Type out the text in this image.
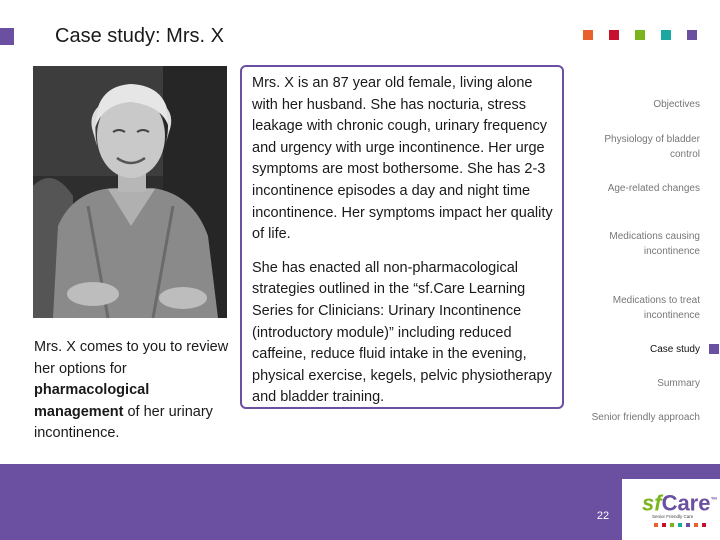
Case study: Mrs. X
Mrs. X comes to you to review her options for pharmacological management of her urinary incontinence.

Mrs. X is an 87 year old female, living alone with her husband. She has nocturia, stress leakage with chronic cough, urinary frequency and urgency with urge incontinence. Her urge symptoms are most bothersome. She has 2-3 incontinence episodes a day and night time incontinence. Her symptoms impact her quality of life.

She has enacted all non-pharmacological strategies outlined in the “sf.Care Learning Series for Clinicians: Urinary Incontinence (introductory module)” including reduced caffeine, reduce fluid intake in the evening, physical exercise, kegels, pelvic physiotherapy and bladder training.

Objectives
Physiology of bladder control
Age-related changes
Medications causing incontinence
Medications to treat incontinence
Case study
Summary
Senior friendly approach
22
sfCare™
Senior Friendly Care
